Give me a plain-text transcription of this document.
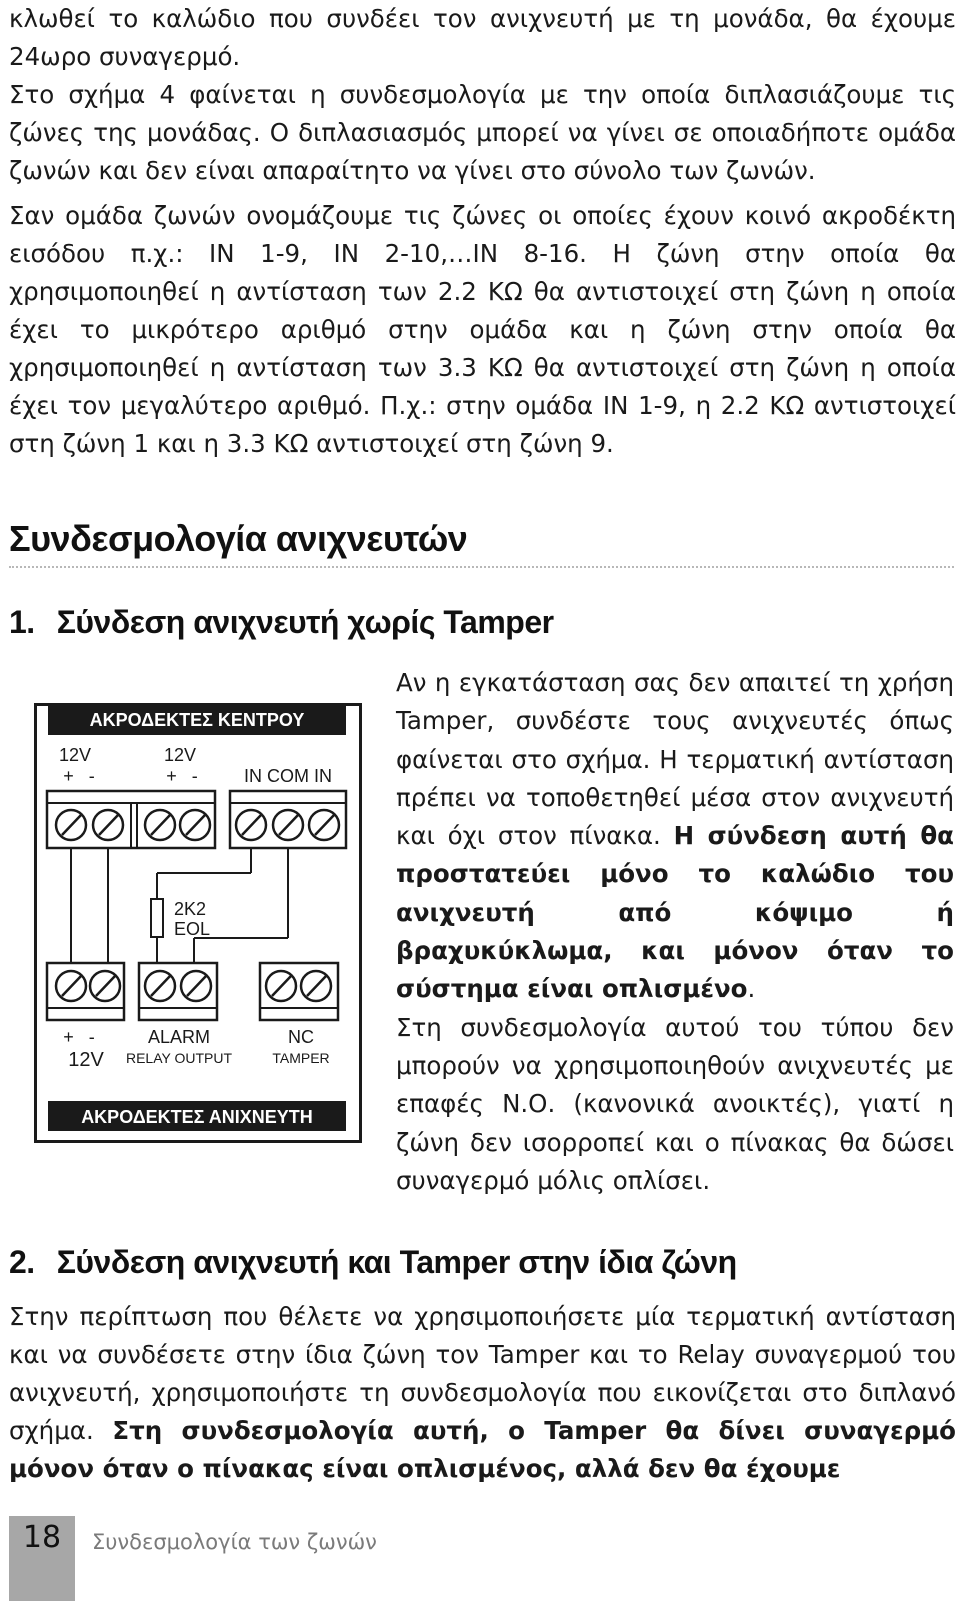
κλωθεί το καλώδιο που συνδέει τον ανιχνευτή με τη μονάδα, θα έχουμε 24ωρο συναγερμό.

Στο σχήμα 4 φαίνεται η συνδεσμολογία με την οποία διπλασιάζουμε τις ζώνες της μονάδας. Ο διπλασιασμός μπορεί να γίνει σε οποιαδήποτε ομάδα ζωνών και δεν είναι απαραίτητο να γίνει στο σύνολο των ζωνών.

Σαν ομάδα ζωνών ονομάζουμε τις ζώνες οι οποίες έχουν κοινό ακροδέκτη εισόδου π.χ.: IN 1-9, IN 2-10,…IN 8-16. Η ζώνη στην οποία θα χρησιμοποιηθεί η αντίσταση των 2.2 ΚΩ θα αντιστοιχεί στη ζώνη η οποία έχει το μικρότερο αριθμό στην ομάδα και η ζώνη στην οποία θα χρησιμοποιηθεί η αντίσταση των 3.3 ΚΩ θα αντιστοιχεί στη ζώνη η οποία έχει τον μεγαλύτερο αριθμό. Π.χ.: στην ομάδα IN 1-9, η 2.2 ΚΩ αντιστοιχεί στη ζώνη 1 και η 3.3 ΚΩ αντιστοιχεί στη ζώνη 9.

Συνδεσμολογία ανιχνευτών
1. Σύνδεση ανιχνευτή χωρίς Tamper
ΑΚΡΟΔΕΚΤΕΣ ΚΕΝΤΡΟΥ
12V	12V
+   -	+   -	IN COM IN
2K2
EOL
+   -
12V
ALARM
RELAY OUTPUT
NC
TAMPER
ΑΚΡΟΔΕΚΤΕΣ ΑΝΙΧΝΕΥΤΗ

Αν η εγκατάσταση σας δεν απαιτεί τη χρήση Tamper, συνδέστε τους ανιχνευτές όπως φαίνεται στο σχήμα. Η τερματική αντίσταση πρέπει να τοποθετηθεί μέσα στον ανιχνευτή και όχι στον πίνακα. Η σύνδεση αυτή θα προστατεύει μόνο το καλώδιο του ανιχνευτή από κόψιμο ή βραχυκύκλωμα, και μόνον όταν το σύστημα είναι οπλισμένο.
Στη συνδεσμολογία αυτού του τύπου δεν μπορούν να χρησιμοποιηθούν ανιχνευτές με επαφές Ν.Ο. (κανονικά ανοικτές), γιατί η ζώνη δεν ισορροπεί και ο πίνακας θα δώσει συναγερμό μόλις οπλίσει.

2. Σύνδεση ανιχνευτή και Tamper στην ίδια ζώνη

Στην περίπτωση που θέλετε να χρησιμοποιήσετε μία τερματική αντίσταση και να συνδέσετε στην ίδια ζώνη τον Tamper και το Relay συναγερμού του ανιχνευτή, χρησιμοποιήστε τη συνδεσμολογία που εικονίζεται στο διπλανό σχήμα. Στη συνδεσμολογία αυτή, ο Tamper θα δίνει συναγερμό μόνον όταν ο πίνακας είναι οπλισμένος, αλλά δεν θα έχουμε

18	Συνδεσμολογία των ζωνών
